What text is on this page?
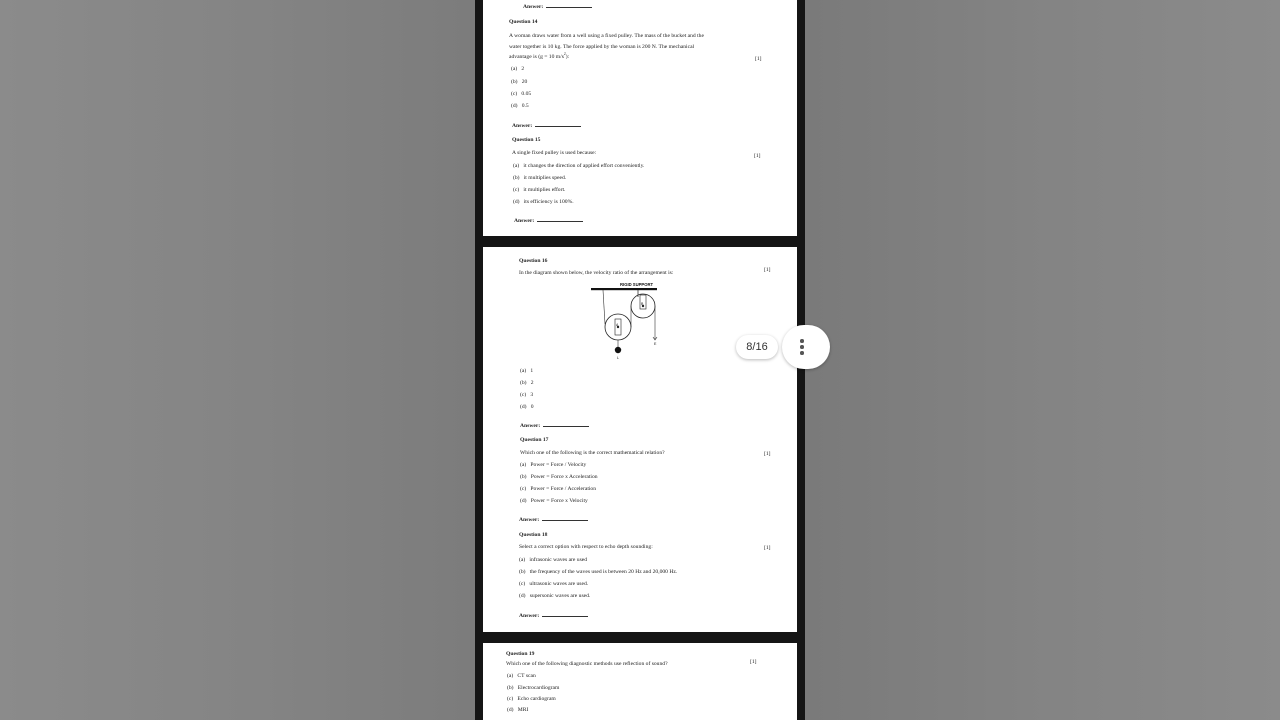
Answer:
Question 14
A woman draws water from a well using a fixed pulley. The mass of the bucket and the
water together is 10 kg. The force applied by the woman is 200 N. The mechanical
advantage is (g = 10 $m/s^2$):	[1]
(a) 2
(b) 20
(c) 0.05
(d) 0.5
Answer:
Question 15
A single fixed pulley is used because:	[1]
(a) it changes the direction of applied effort conveniently.
(b) it multiplies speed.
(c) it multiplies effort.
(d) its efficiency is 100%.
Answer:
Question 16
In the diagram shown below, the velocity ratio of the arrangement is:	[1]
RIGID SUPPORT
B
A
E
L
(a) 1
(b) 2
(c) 3
(d) 0
Answer:
Question 17
Which one of the following is the correct mathematical relation?	[1]
(a) Power = Force / Velocity
(b) Power = Force x Acceleration
(c) Power = Force / Acceleration
(d) Power = Force x Velocity
Answer:
Question 18
Select a correct option with respect to echo depth sounding:	[1]
(a) infrasonic waves are used
(b) the frequency of the waves used is between 20 Hz and 20,000 Hz.
(c) ultrasonic waves are used.
(d) supersonic waves are used.
Answer:
Question 19
Which one of the following diagnostic methods use reflection of sound?	[1]
(a) CT scan
(b) Electrocardiogram
(c) Echo cardiogram
(d) MRI
8/16
